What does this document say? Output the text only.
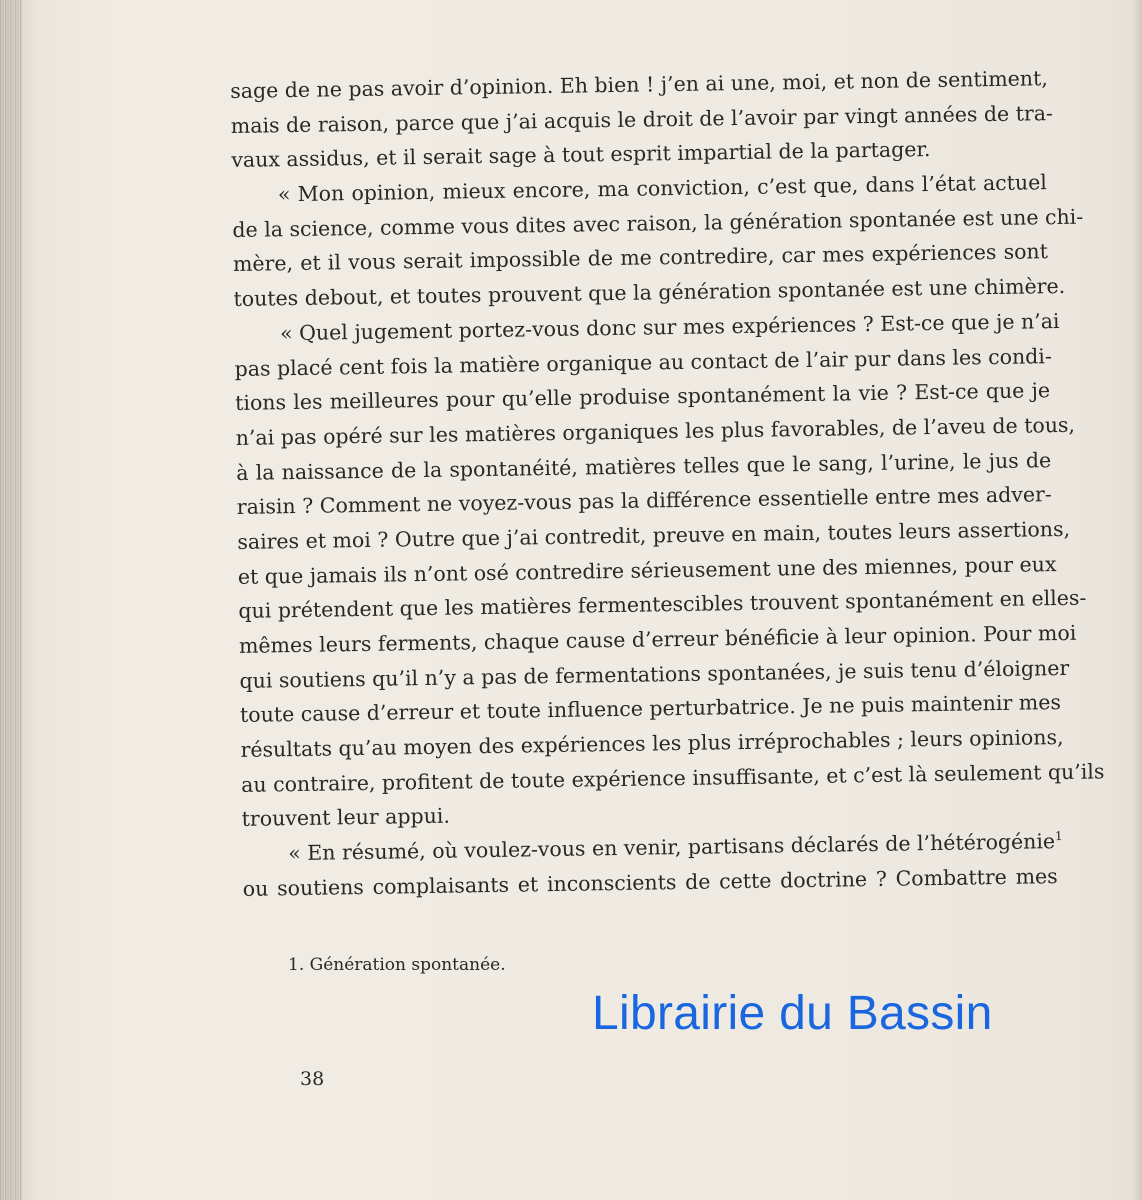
sage de ne pas avoir d’opinion. Eh bien ! j’en ai une, moi, et non de sentiment,
mais de raison, parce que j’ai acquis le droit de l’avoir par vingt années de tra-
vaux assidus, et il serait sage à tout esprit impartial de la partager.
« Mon opinion, mieux encore, ma conviction, c’est que, dans l’état actuel
de la science, comme vous dites avec raison, la génération spontanée est une chi-
mère, et il vous serait impossible de me contredire, car mes expériences sont
toutes debout, et toutes prouvent que la génération spontanée est une chimère.
« Quel jugement portez-vous donc sur mes expériences ? Est-ce que je n’ai
pas placé cent fois la matière organique au contact de l’air pur dans les condi-
tions les meilleures pour qu’elle produise spontanément la vie ? Est-ce que je
n’ai pas opéré sur les matières organiques les plus favorables, de l’aveu de tous,
à la naissance de la spontanéité, matières telles que le sang, l’urine, le jus de
raisin ? Comment ne voyez-vous pas la différence essentielle entre mes adver-
saires et moi ? Outre que j’ai contredit, preuve en main, toutes leurs assertions,
et que jamais ils n’ont osé contredire sérieusement une des miennes, pour eux
qui prétendent que les matières fermentescibles trouvent spontanément en elles-
mêmes leurs ferments, chaque cause d’erreur bénéficie à leur opinion. Pour moi
qui soutiens qu’il n’y a pas de fermentations spontanées, je suis tenu d’éloigner
toute cause d’erreur et toute influence perturbatrice. Je ne puis maintenir mes
résultats qu’au moyen des expériences les plus irréprochables ; leurs opinions,
au contraire, profitent de toute expérience insuffisante, et c’est là seulement qu’ils
trouvent leur appui.
« En résumé, où voulez-vous en venir, partisans déclarés de l’hétérogénie$^1$
ou soutiens complaisants et inconscients de cette doctrine ? Combattre mes
1. Génération spontanée.
Librairie du Bassin
38
